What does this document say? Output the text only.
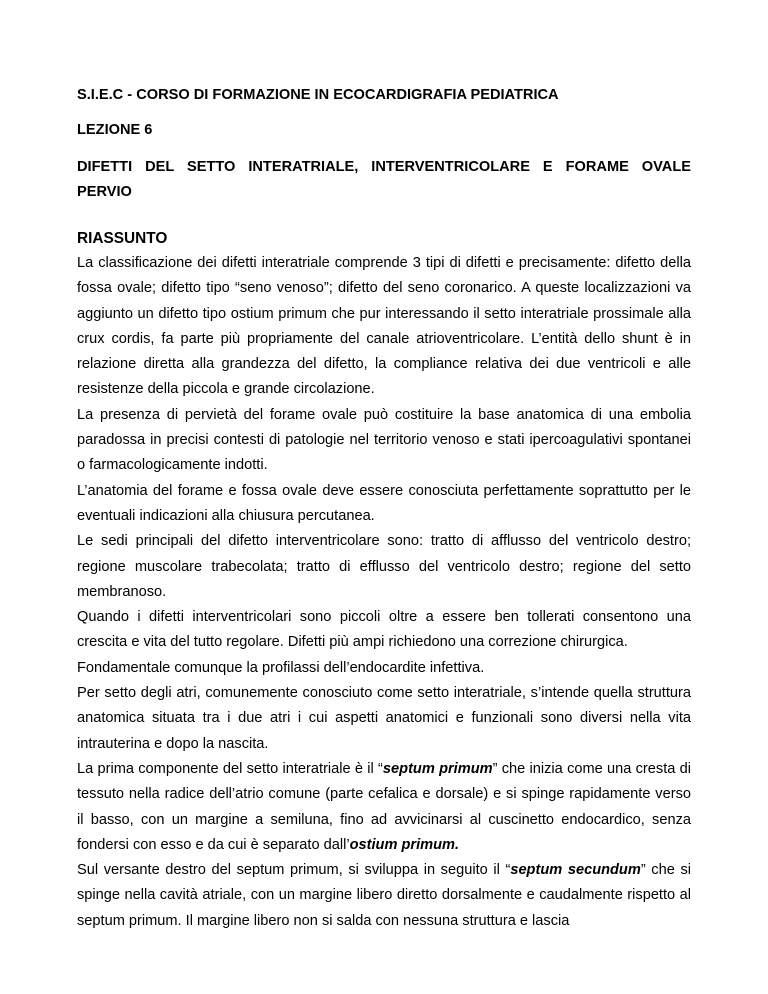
S.I.E.C - CORSO DI FORMAZIONE IN ECOCARDIGRAFIA PEDIATRICA

LEZIONE 6

DIFETTI DEL SETTO INTERATRIALE, INTERVENTRICOLARE E FORAME OVALE PERVIO

RIASSUNTO

La classificazione dei difetti interatriale comprende 3 tipi di difetti e precisamente: difetto della fossa ovale; difetto tipo “seno venoso”; difetto del seno coronarico. A queste localizzazioni va aggiunto un difetto tipo ostium primum che pur interessando il setto interatriale prossimale alla crux cordis, fa parte più propriamente del canale atrioventricolare. L’entità dello shunt è in relazione diretta alla grandezza del difetto, la compliance relativa dei due ventricoli e alle resistenze della piccola e grande circolazione.

La presenza di pervietà del forame ovale può costituire la base anatomica di una embolia paradossa in precisi contesti di patologie nel territorio venoso e stati ipercoagulativi spontanei o farmacologicamente indotti.

L’anatomia del forame e fossa ovale deve essere conosciuta perfettamente soprattutto per le eventuali indicazioni alla chiusura percutanea.

Le sedi principali del difetto interventricolare sono: tratto di afflusso del ventricolo destro; regione muscolare trabecolata; tratto di efflusso del ventricolo destro; regione del setto membranoso.

Quando i difetti interventricolari sono piccoli oltre a essere ben tollerati consentono una crescita e vita del tutto regolare. Difetti più ampi richiedono una correzione chirurgica.

Fondamentale comunque la profilassi dell’endocardite infettiva.

Per setto degli atri, comunemente conosciuto come setto interatriale, s’intende quella struttura anatomica situata tra i due atri i cui aspetti anatomici e funzionali sono diversi nella vita intrauterina e dopo la nascita.

La prima componente del setto interatriale è il “septum primum” che inizia come una cresta di tessuto nella radice dell’atrio comune (parte cefalica e dorsale) e si spinge rapidamente verso il basso, con un margine a semiluna, fino ad avvicinarsi al cuscinetto endocardico, senza fondersi con esso e da cui è separato dall’ostium primum.

Sul versante destro del septum primum, si sviluppa in seguito il “septum secundum” che si spinge nella cavità atriale, con un margine libero diretto dorsalmente e caudalmente rispetto al septum primum. Il margine libero non si salda con nessuna struttura e lascia
